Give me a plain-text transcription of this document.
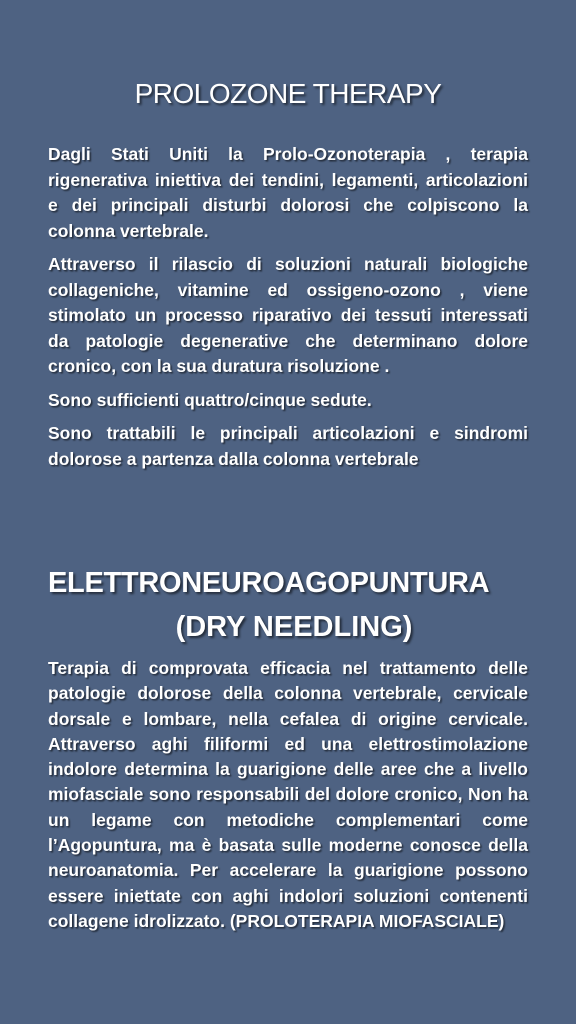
PROLOZONE THERAPY

Dagli Stati Uniti la Prolo-Ozonoterapia , terapia rigenerativa iniettiva dei tendini, legamenti, articolazioni e dei principali disturbi dolorosi che colpiscono la colonna vertebrale.

Attraverso il rilascio di soluzioni naturali biologiche collageniche, vitamine ed ossigeno-ozono , viene stimolato un processo riparativo dei tessuti interessati da patologie degenerative che determinano dolore cronico, con la sua duratura risoluzione .

Sono sufficienti quattro/cinque sedute.

Sono trattabili le principali articolazioni e sindromi dolorose a partenza dalla colonna vertebrale

ELETTRONEUROAGOPUNTURA
(DRY NEEDLING)

Terapia di comprovata efficacia nel trattamento delle patologie dolorose della colonna vertebrale, cervicale dorsale e lombare, nella cefalea di origine cervicale. Attraverso aghi filiformi ed una elettrostimolazione indolore determina la guarigione delle aree che a livello miofasciale sono responsabili del dolore cronico, Non ha un legame con metodiche complementari come l’Agopuntura, ma è basata sulle moderne conosce della neuroanatomia. Per accelerare la guarigione possono essere iniettate con aghi indolori soluzioni contenenti collagene idrolizzato. (PROLOTERAPIA MIOFASCIALE)
